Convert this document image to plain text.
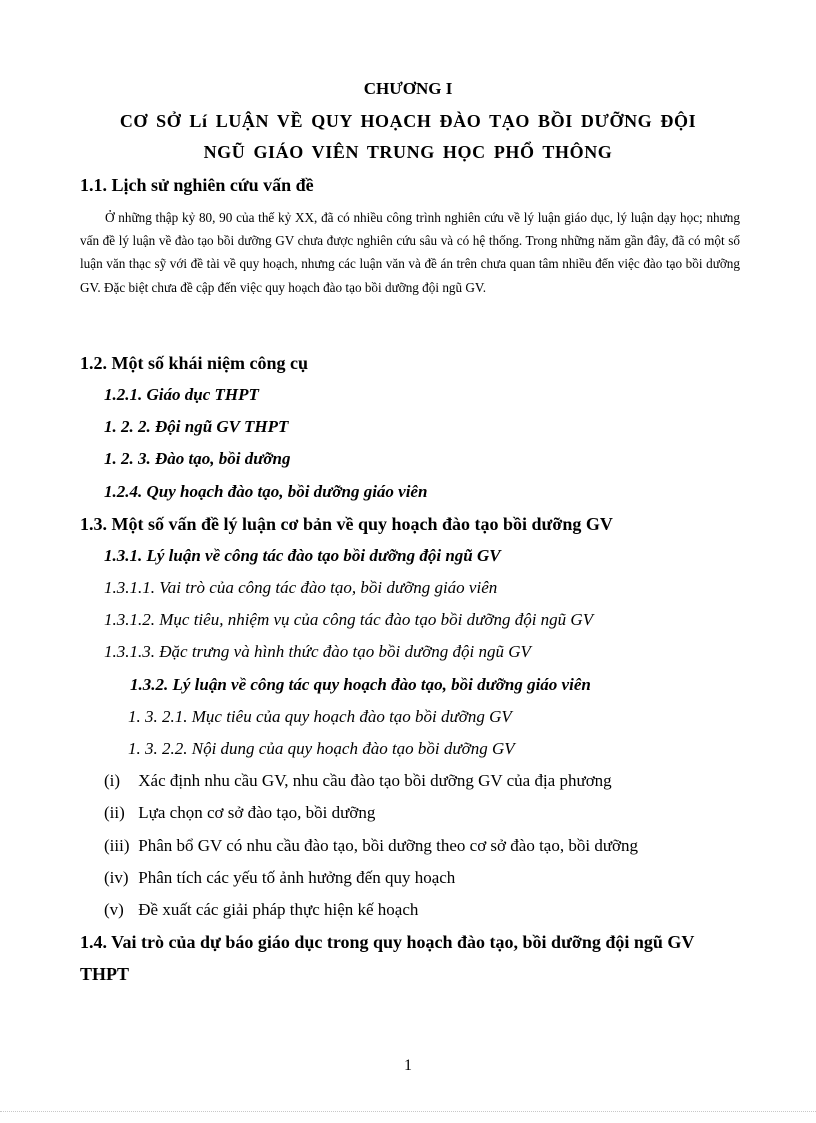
CHƯƠNG I
CƠ SỞ Lí LUẬN VỀ QUY HOẠCH ĐÀO TẠO BỒI DƯỠNG ĐỘI
NGŨ GIÁO VIÊN TRUNG HỌC PHỔ THÔNG
1.1. Lịch sử nghiên cứu vấn đề

Ở những thập kỷ 80, 90 của thế kỷ XX, đã có nhiều công trình nghiên cứu về lý luận giáo dục, lý luận dạy học; nhưng vấn đề lý luận về đào tạo bồi dưỡng GV chưa được nghiên cứu sâu và có hệ thống. Trong những năm gần đây, đã có một số luận văn thạc sỹ với đề tài về quy hoạch, nhưng các luận văn và đề án trên chưa quan tâm nhiều đến việc đào tạo bồi dưỡng GV. Đặc biệt chưa đề cập đến việc quy hoạch đào tạo bồi dưỡng đội ngũ GV.

1.2. Một số khái niệm công cụ
1.2.1. Giáo dục THPT
1. 2. 2. Đội ngũ GV THPT
1. 2. 3. Đào tạo, bồi dưỡng
1.2.4. Quy hoạch đào tạo, bồi dưỡng giáo viên
1.3. Một số vấn đề lý luận cơ bản về quy hoạch đào tạo bồi dưỡng GV
1.3.1. Lý luận về công tác đào tạo bồi dưỡng đội ngũ GV
1.3.1.1. Vai trò của công tác đào tạo, bồi dưỡng giáo viên
1.3.1.2. Mục tiêu, nhiệm vụ của công tác đào tạo bồi dưỡng đội ngũ GV
1.3.1.3. Đặc trưng và hình thức đào tạo bồi dưỡng đội ngũ GV
1.3.2. Lý luận về công tác quy hoạch đào tạo, bồi dưỡng giáo viên
1. 3. 2.1. Mục tiêu của quy hoạch đào tạo bồi dưỡng GV
1. 3. 2.2. Nội dung của quy hoạch đào tạo bồi dưỡng GV
(i) Xác định nhu cầu GV, nhu cầu đào tạo bồi dưỡng GV của địa phương
(ii) Lựa chọn cơ sở đào tạo, bồi dưỡng
(iii) Phân bổ GV có nhu cầu đào tạo, bồi dưỡng theo cơ sở đào tạo, bồi dưỡng
(iv) Phân tích các yếu tố ảnh hưởng đến quy hoạch
(v) Đề xuất các giải pháp thực hiện kế hoạch
1.4. Vai trò của dự báo giáo dục trong quy hoạch đào tạo, bồi dưỡng đội ngũ GV
THPT
1
